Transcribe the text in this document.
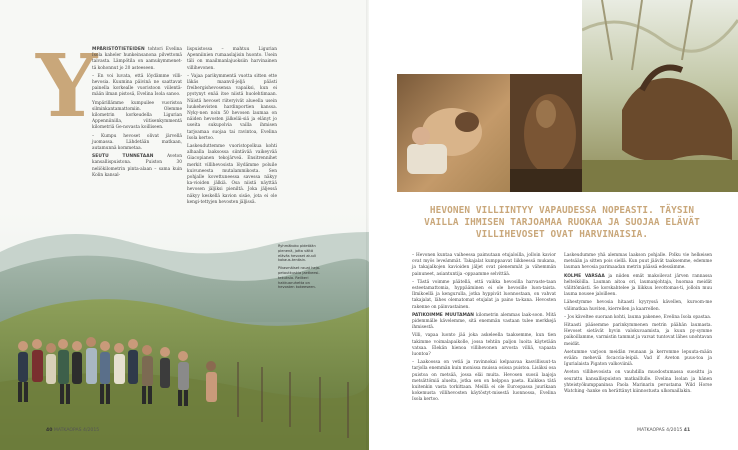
Y

MPÄRISTÖTIETEIDEN tohtori Evelina Isola kaheler hunkeinsanona pilvettomä taivasta. Lämpötila on aamukymmenet-tä kohonnut jo 20 asteeseen.

– En voi luvata, että löydämme villi-hevosia. Kuumina päivinä ne saattavat painella korkealle vuoristoon viilentä-mään ilman pistosä, Evelina Isola sanoo.

Ympärillämme kumpuilee vuoristoa silminkantamattomiin. Olemme kilometrin korkeudella Ligurian Appenniinilla, viitisenkymmentä kilometriä Ge-novasta koilliseen.

– Kumpu hevoset olivat järvellä juomassa. Lähdetään matkaan, autamunnä kommetaa.

SEUTU TUNNETAAN Aveton kansallispuistona. Puiston 30 neliökilometrin pinta-alaan – sama kuin Kolin kansal-

lispuistossa – mahtuu Ligurian Apenniinien rumaaslajisin huonto. Usein täli on maailmanlajuoksiin harvinainen villihevonen.

– Vajaa parikymmentä vuotta sitten ette läkäs maanvil-jeljä päästi freibergishevosensa vapaiksi, kun ei pystynyt enää itse niistä huolehtimaan. Näistä hevoset riiteryivät alueella usein luukehevisten hardinportien kanssa. Nyky-nen noin 50 hevosen laumaa on näiden hevosten jälkeläi-siä ja elänyt jo useita sukupolvia vailla ihmisen tarjoamaa suojaa tai ravintoa, Evelina Isola kertoo.

Laskeuduttemme vuoristopolkua kohti alhaalla laaksossa siintävää vaikeyvää Giacopianen tekojärveä. Ensitrennihet merkit villihevosista löydämme poluile kuivuneesta mutalammikosta. Sen pohjalle kovettuneessa savessa näkyy ka-vioiden jälkiä. Osa niistä näyttää hevosen jäljiksi pieniltä. Joka jäljessä näkyy keskellä kavion sisäe, jota ei ole kengi-tettyjen hevosten jäljissä.

Ryhmäkoko pidetään pienenä, jotta vältä eläväs hevoset aiuuli kokaus-tenäsin.

Pikasmäiset rauat heja-petoutkuskia jaetkeesi-tekuksia. Reilkeri hakkuaruhetta on hevosten kokeeseen.

40 MATKAOPAS 4/2015
HEVONEN VILLIINTYY VAPAUDESSA NOPEASTI. TÄYSIN VAILLA IHMISEN TARJOAMAA RUOKAA JA SUOJAA ELÄVÄT VILLIHEVOSET OVAT HARVINAISIA.

– Hevonen kuntaa vaiheessa paimutaan etujaloilla, jolloin kavior ovat myös leveämmät. Takajalat kumppaavat liikkeessä mukana, ja takajalkojen kavioiden jäljet ovat pienemmät ja vähemmän painuneet, asiantuntija -oppaamme selvittää.

– Tästä voimme päätellä, että vaikka hevosilla harvaste-taan esteetamattomia, hyppääminen ei ole hevosille luon-taista. Ilmikoellä ja kengurulla, jotka hyppivät luonnostaan, on vahvat takajalat, lähes olematomat etujalat ja paino ta-kana. Hevosten rakenne on päinvastainen.

PATIKOIMME MUUTAMAN kilometrin alemmas laak-soon. Mitä pidemmälle kävelemme, sitä enemmän vastaan tulee merkkejä ihmisestä.

Villi, vapaa luonto jää joka askeleella taaksemme, kun tien takimme voimalapaikolle, jossa tehtiin paljon luoita käytetään vatsaa. Elekän hienoa villihevonen arvosta villiä, vapaata luontoa?

– Laakoossa on vetiä ja ravinnokai kelpaavaa kasvillisuut-ta tarjolla enemmän kuin monissa muissa osissa puistoa. Lisäksi osa puistoa on metsää, jossa eläi muita. Hevosen suosii laajoja metsättömiä alueita, jotka sen on helppoa paeta. Kaikkea tätä kuitenkin vasta torkittaan. Meillä ei ole Euroopassa juurikaan kokemusta villihevosten käytöstyt-misestä luonnossa, Evelina Isola kertoo.

Laskeudumme yhä alemmas laakson pohjalle. Polku vie helkeisen metsään ja sitten pois siellä. Kun puut jäävät taaksemme, edemme lauman hevosia parimaadan metrin päässä edessämme.

KOLME VARSAA ja niiden emät makoilevat järven rannassa helteiköilla. Lauman aitoa ori, laumanjohtaja, huomaa meidät välittömästi. Se korskahtelee ja liikkuu levottomas-ti, jolloin muu lauma nousee jaloilleen.

Lähestymme hevosia hitaasti kyyryssä kävellen, kuroom-me välimatkaa huviten, kierrellen ja kaarrellen.

– Jos käveltee suoraan kohti, lauma pakenee, Evelina Isola opastaa.

Hitaasti pääsemme parinkymmenen metrin päähän laumasta. Hevoset sietävät hyvin valokuvaamista, ja kuun py-symme paikoillamme, varmistin tammat ja varsat tuntovat lähes unohtavan meidät.

Asetumme varjoon meidän reunaan ja kerromme lepuuta-mään evään: meheviä focaccia-leipiä. Vad if Aveton puus-toa ja Igurialaista Pigaton valkoviiniä.

Aveton villihevosista on vauhdilla muodostumassa suosittu ja seurattu kansallispuiston matkaillulle. Evelina Isolan ja hänen yhteistyökumppaninsa Paola Marinarin perustama Wild Horse Watching -hanke on herättänyt kiinnostusta ulkomaillakin.

MATKAOPAS 4/2015 41
